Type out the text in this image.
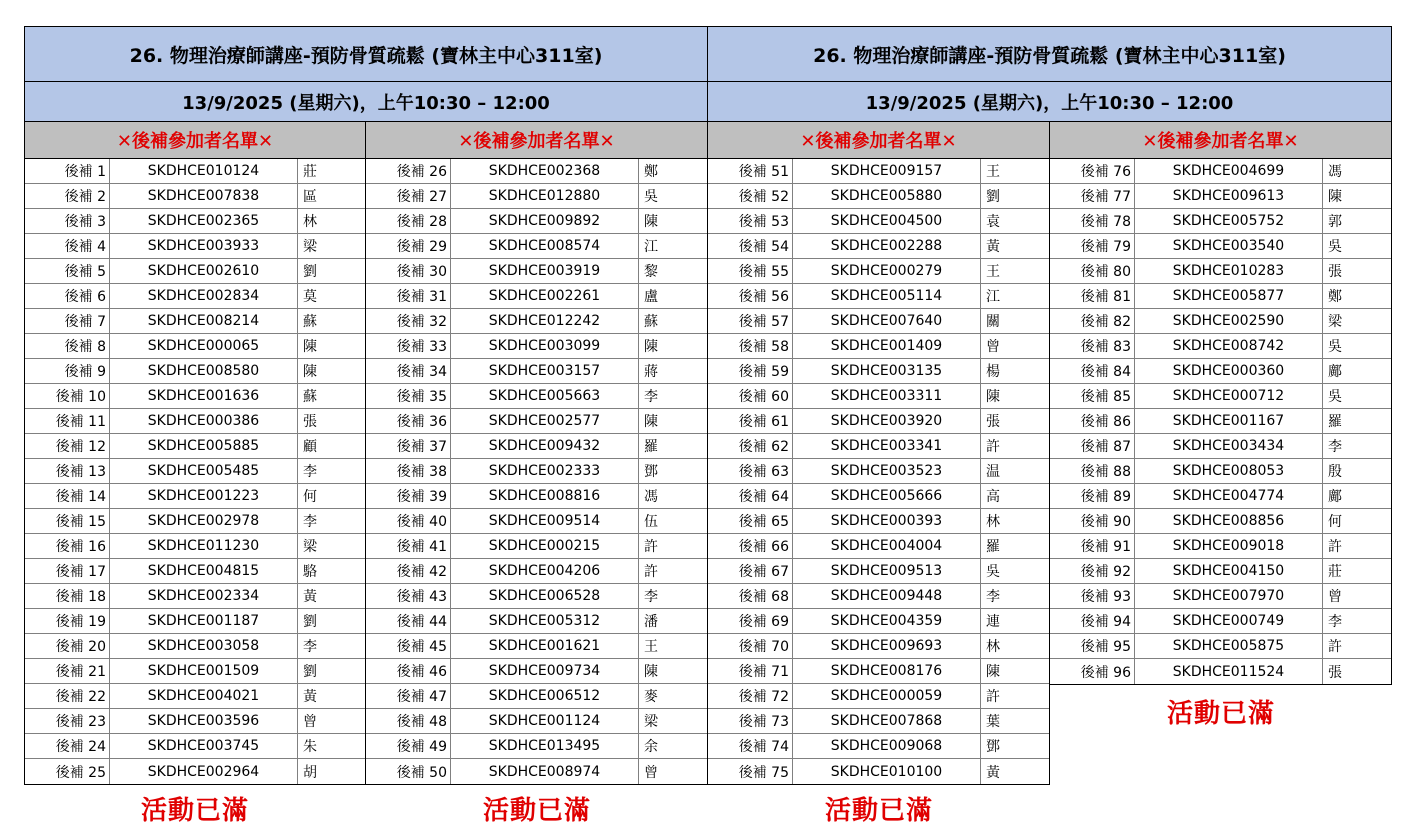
26. 物理治療師講座-預防骨質疏鬆 (寶林主中心311室)
13/9/2025 (星期六)，上午10:30 – 12:00
✕後補參加者名單✕
後補 1	SKDHCE010124	莊
後補 2	SKDHCE007838	區
後補 3	SKDHCE002365	林
後補 4	SKDHCE003933	梁
後補 5	SKDHCE002610	劉
後補 6	SKDHCE002834	莫
後補 7	SKDHCE008214	蘇
後補 8	SKDHCE000065	陳
後補 9	SKDHCE008580	陳
後補 10	SKDHCE001636	蘇
後補 11	SKDHCE000386	張
後補 12	SKDHCE005885	顧
後補 13	SKDHCE005485	李
後補 14	SKDHCE001223	何
後補 15	SKDHCE002978	李
後補 16	SKDHCE011230	梁
後補 17	SKDHCE004815	駱
後補 18	SKDHCE002334	黃
後補 19	SKDHCE001187	劉
後補 20	SKDHCE003058	李
後補 21	SKDHCE001509	劉
後補 22	SKDHCE004021	黃
後補 23	SKDHCE003596	曾
後補 24	SKDHCE003745	朱
後補 25	SKDHCE002964	胡
✕後補參加者名單✕
後補 26	SKDHCE002368	鄭
後補 27	SKDHCE012880	吳
後補 28	SKDHCE009892	陳
後補 29	SKDHCE008574	江
後補 30	SKDHCE003919	黎
後補 31	SKDHCE002261	盧
後補 32	SKDHCE012242	蘇
後補 33	SKDHCE003099	陳
後補 34	SKDHCE003157	蔣
後補 35	SKDHCE005663	李
後補 36	SKDHCE002577	陳
後補 37	SKDHCE009432	羅
後補 38	SKDHCE002333	鄧
後補 39	SKDHCE008816	馮
後補 40	SKDHCE009514	伍
後補 41	SKDHCE000215	許
後補 42	SKDHCE004206	許
後補 43	SKDHCE006528	李
後補 44	SKDHCE005312	潘
後補 45	SKDHCE001621	王
後補 46	SKDHCE009734	陳
後補 47	SKDHCE006512	麥
後補 48	SKDHCE001124	梁
後補 49	SKDHCE013495	余
後補 50	SKDHCE008974	曾
26. 物理治療師講座-預防骨質疏鬆 (寶林主中心311室)
13/9/2025 (星期六)，上午10:30 – 12:00
✕後補參加者名單✕
後補 51	SKDHCE009157	王
後補 52	SKDHCE005880	劉
後補 53	SKDHCE004500	袁
後補 54	SKDHCE002288	黃
後補 55	SKDHCE000279	王
後補 56	SKDHCE005114	江
後補 57	SKDHCE007640	關
後補 58	SKDHCE001409	曾
後補 59	SKDHCE003135	楊
後補 60	SKDHCE003311	陳
後補 61	SKDHCE003920	張
後補 62	SKDHCE003341	許
後補 63	SKDHCE003523	温
後補 64	SKDHCE005666	高
後補 65	SKDHCE000393	林
後補 66	SKDHCE004004	羅
後補 67	SKDHCE009513	吳
後補 68	SKDHCE009448	李
後補 69	SKDHCE004359	連
後補 70	SKDHCE009693	林
後補 71	SKDHCE008176	陳
後補 72	SKDHCE000059	許
後補 73	SKDHCE007868	葉
後補 74	SKDHCE009068	鄧
後補 75	SKDHCE010100	黃
✕後補參加者名單✕
後補 76	SKDHCE004699	馮
後補 77	SKDHCE009613	陳
後補 78	SKDHCE005752	郭
後補 79	SKDHCE003540	吳
後補 80	SKDHCE010283	張
後補 81	SKDHCE005877	鄭
後補 82	SKDHCE002590	梁
後補 83	SKDHCE008742	吳
後補 84	SKDHCE000360	鄺
後補 85	SKDHCE000712	吳
後補 86	SKDHCE001167	羅
後補 87	SKDHCE003434	李
後補 88	SKDHCE008053	殷
後補 89	SKDHCE004774	鄺
後補 90	SKDHCE008856	何
後補 91	SKDHCE009018	許
後補 92	SKDHCE004150	莊
後補 93	SKDHCE007970	曾
後補 94	SKDHCE000749	李
後補 95	SKDHCE005875	許
後補 96	SKDHCE011524	張
活動已滿	活動已滿	活動已滿
活動已滿
